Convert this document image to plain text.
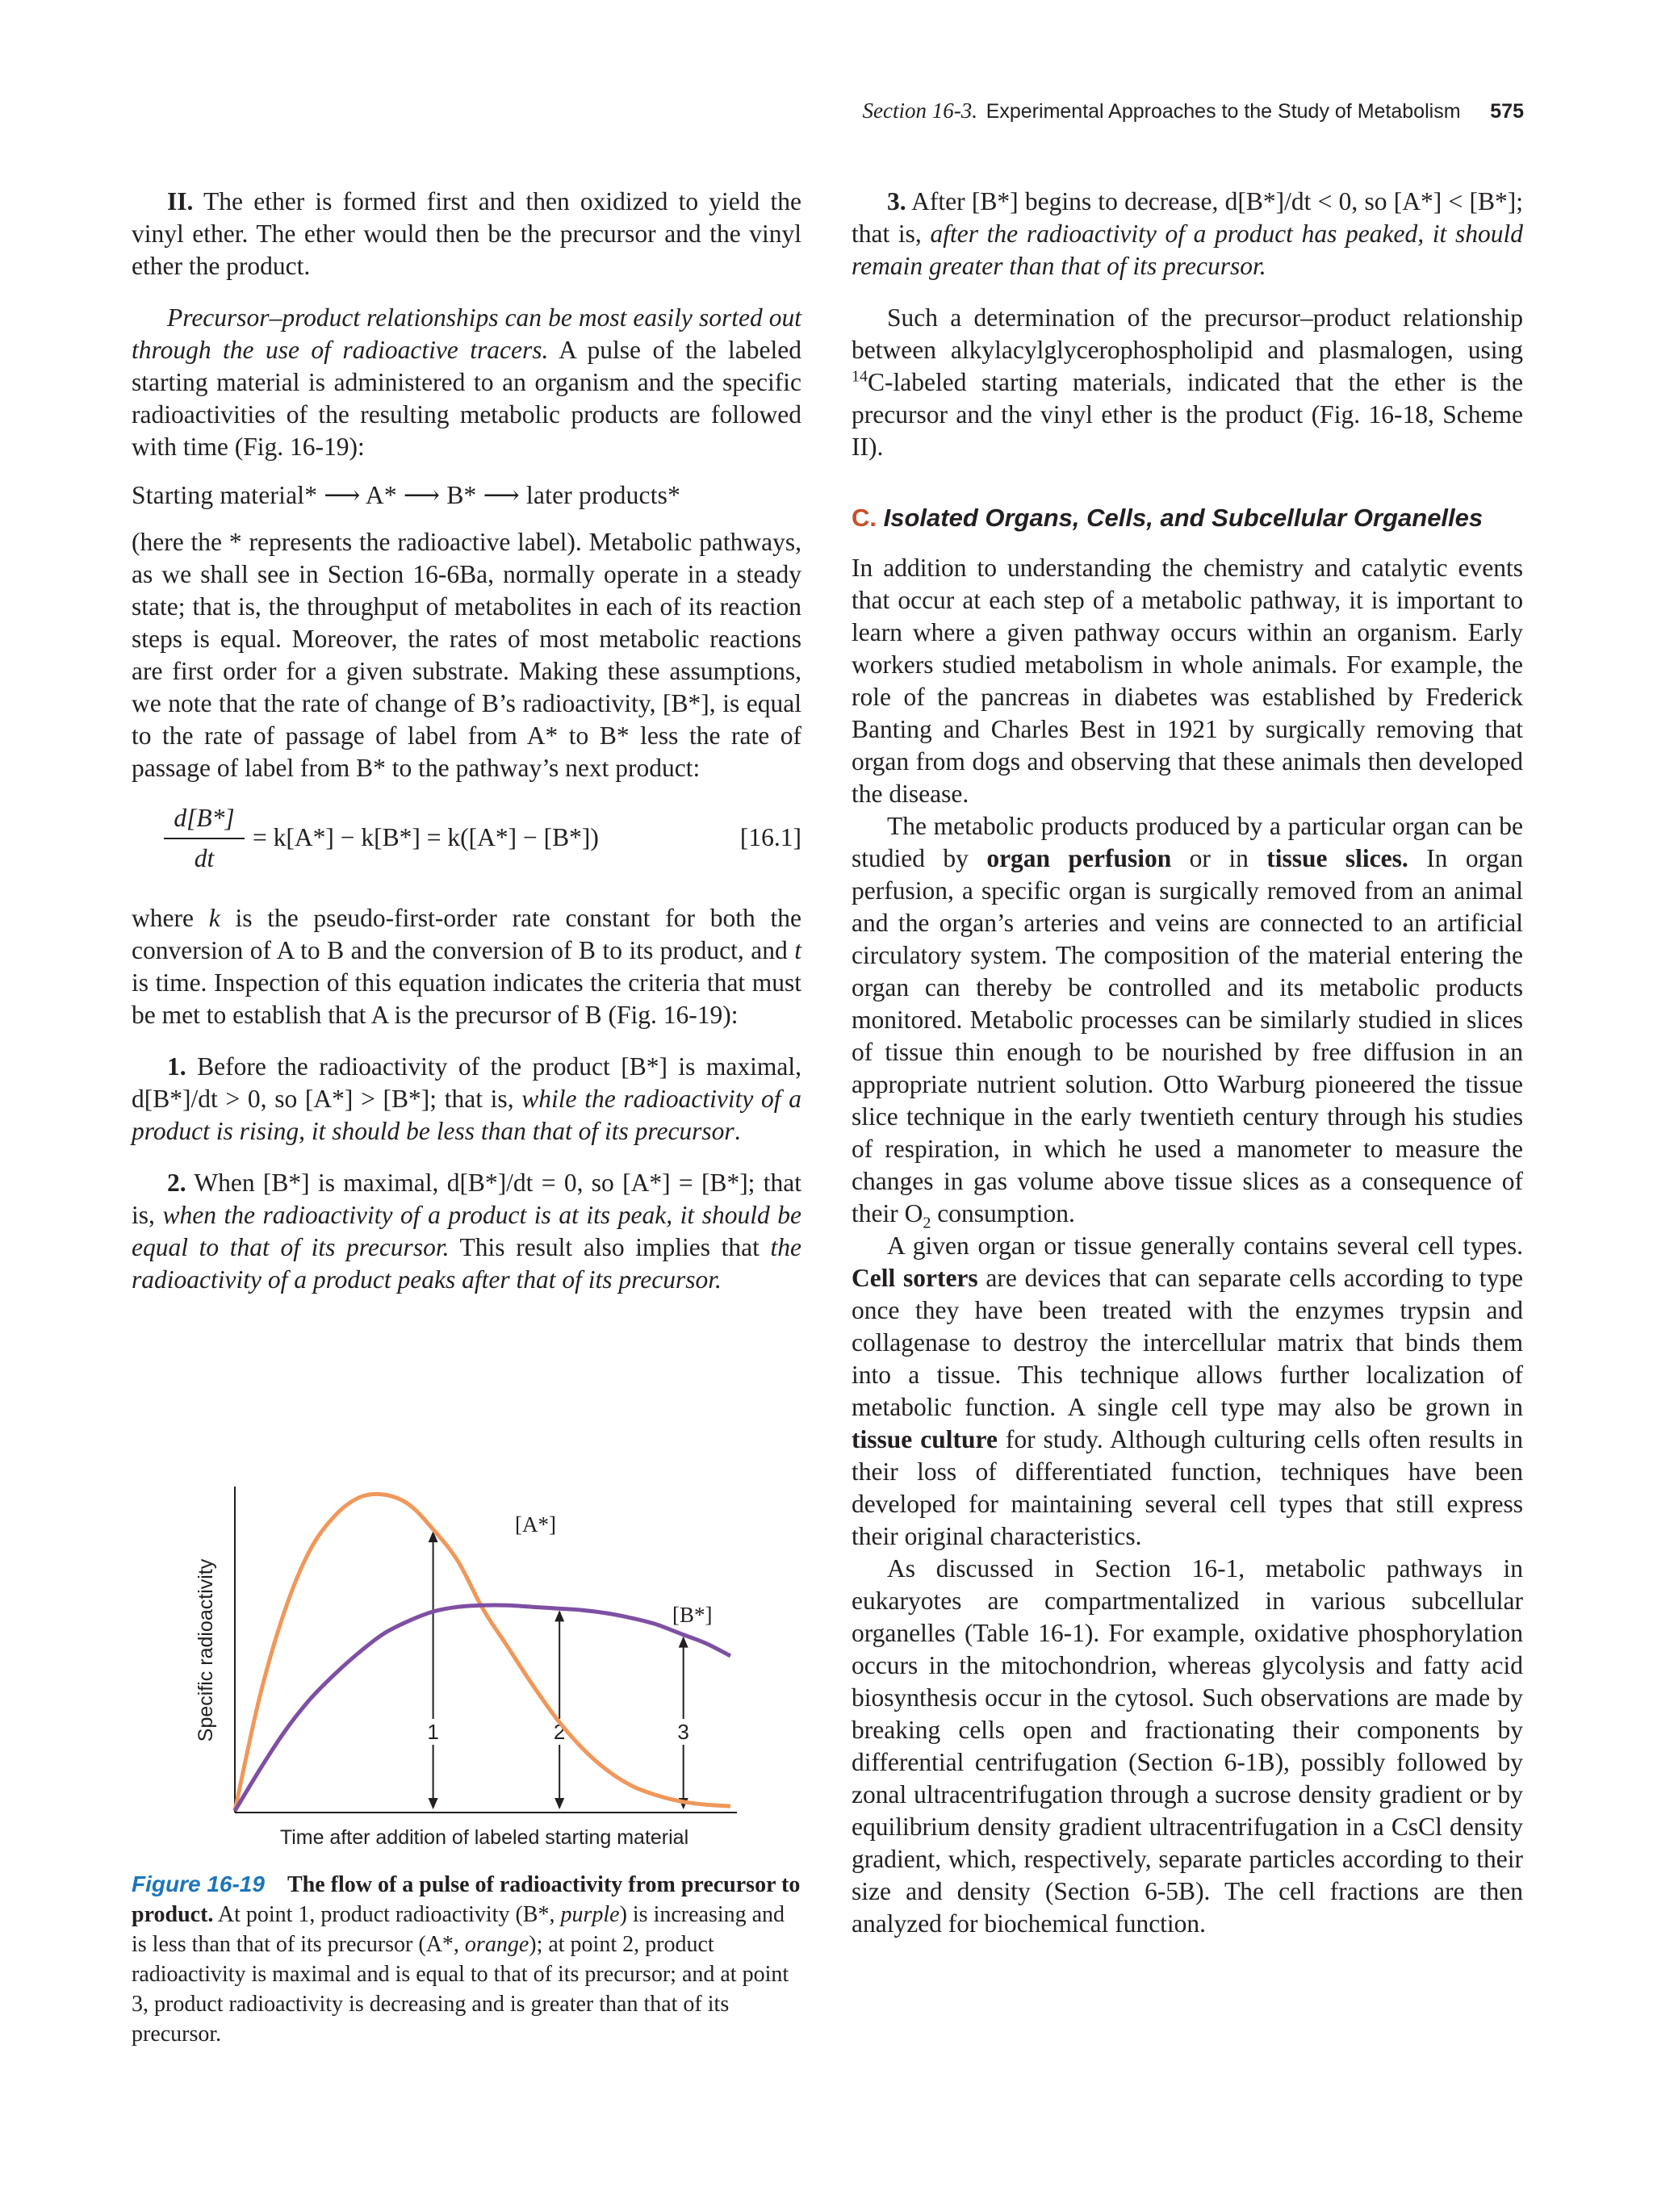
Section 16-3. Experimental Approaches to the Study of Metabolism 575

II. The ether is formed first and then oxidized to yield the vinyl ether. The ether would then be the precursor and the vinyl ether the product.

Precursor–product relationships can be most easily sorted out through the use of radioactive tracers. A pulse of the labeled starting material is administered to an organism and the specific radioactivities of the resulting metabolic products are followed with time (Fig. 16-19):

Starting material* ⟶ A* ⟶ B* ⟶ later products*

(here the * represents the radioactive label). Metabolic pathways, as we shall see in Section 16-6Ba, normally operate in a steady state; that is, the throughput of metabolites in each of its reaction steps is equal. Moreover, the rates of most metabolic reactions are first order for a given substrate. Making these assumptions, we note that the rate of change of B’s radioactivity, [B*], is equal to the rate of passage of label from A* to B* less the rate of passage of label from B* to the pathway’s next product:

$\frac{d[B*]}{dt} = k[A*] - k[B*] = k([A*] - [B*])$	[16.1]

where k is the pseudo-first-order rate constant for both the conversion of A to B and the conversion of B to its product, and t is time. Inspection of this equation indicates the criteria that must be met to establish that A is the precursor of B (Fig. 16-19):

1. Before the radioactivity of the product [B*] is maximal, d[B*]/dt > 0, so [A*] > [B*]; that is, while the radioactivity of a product is rising, it should be less than that of its precursor.

2. When [B*] is maximal, d[B*]/dt = 0, so [A*] = [B*]; that is, when the radioactivity of a product is at its peak, it should be equal to that of its precursor. This result also implies that the radioactivity of a product peaks after that of its precursor.

Specific radioactivity	1	2	3
[A*]
[B*]
Time after addition of labeled starting material
Figure 16-19 The flow of a pulse of radioactivity from precursor to product. At point 1, product radioactivity (B*, purple) is increasing and is less than that of its precursor (A*, orange); at point 2, product radioactivity is maximal and is equal to that of its precursor; and at point 3, product radioactivity is decreasing and is greater than that of its precursor.

3. After [B*] begins to decrease, d[B*]/dt < 0, so [A*] < [B*]; that is, after the radioactivity of a product has peaked, it should remain greater than that of its precursor.

Such a determination of the precursor–product relationship between alkylacylglycerophospholipid and plasmalogen, using $^{14}$C-labeled starting materials, indicated that the ether is the precursor and the vinyl ether is the product (Fig. 16-18, Scheme II).

C. Isolated Organs, Cells, and Subcellular Organelles

In addition to understanding the chemistry and catalytic events that occur at each step of a metabolic pathway, it is important to learn where a given pathway occurs within an organism. Early workers studied metabolism in whole animals. For example, the role of the pancreas in diabetes was established by Frederick Banting and Charles Best in 1921 by surgically removing that organ from dogs and observing that these animals then developed the disease.

The metabolic products produced by a particular organ can be studied by organ perfusion or in tissue slices. In organ perfusion, a specific organ is surgically removed from an animal and the organ’s arteries and veins are connected to an artificial circulatory system. The composition of the material entering the organ can thereby be controlled and its metabolic products monitored. Metabolic processes can be similarly studied in slices of tissue thin enough to be nourished by free diffusion in an appropriate nutrient solution. Otto Warburg pioneered the tissue slice technique in the early twentieth century through his studies of respiration, in which he used a manometer to measure the changes in gas volume above tissue slices as a consequence of their $O_2$ consumption.

A given organ or tissue generally contains several cell types. Cell sorters are devices that can separate cells according to type once they have been treated with the enzymes trypsin and collagenase to destroy the intercellular matrix that binds them into a tissue. This technique allows further localization of metabolic function. A single cell type may also be grown in tissue culture for study. Although culturing cells often results in their loss of differentiated function, techniques have been developed for maintaining several cell types that still express their original characteristics.

As discussed in Section 16-1, metabolic pathways in eukaryotes are compartmentalized in various subcellular organelles (Table 16-1). For example, oxidative phosphorylation occurs in the mitochondrion, whereas glycolysis and fatty acid biosynthesis occur in the cytosol. Such observations are made by breaking cells open and fractionating their components by differential centrifugation (Section 6-1B), possibly followed by zonal ultracentrifugation through a sucrose density gradient or by equilibrium density gradient ultracentrifugation in a CsCl density gradient, which, respectively, separate particles according to their size and density (Section 6-5B). The cell fractions are then analyzed for biochemical function.
